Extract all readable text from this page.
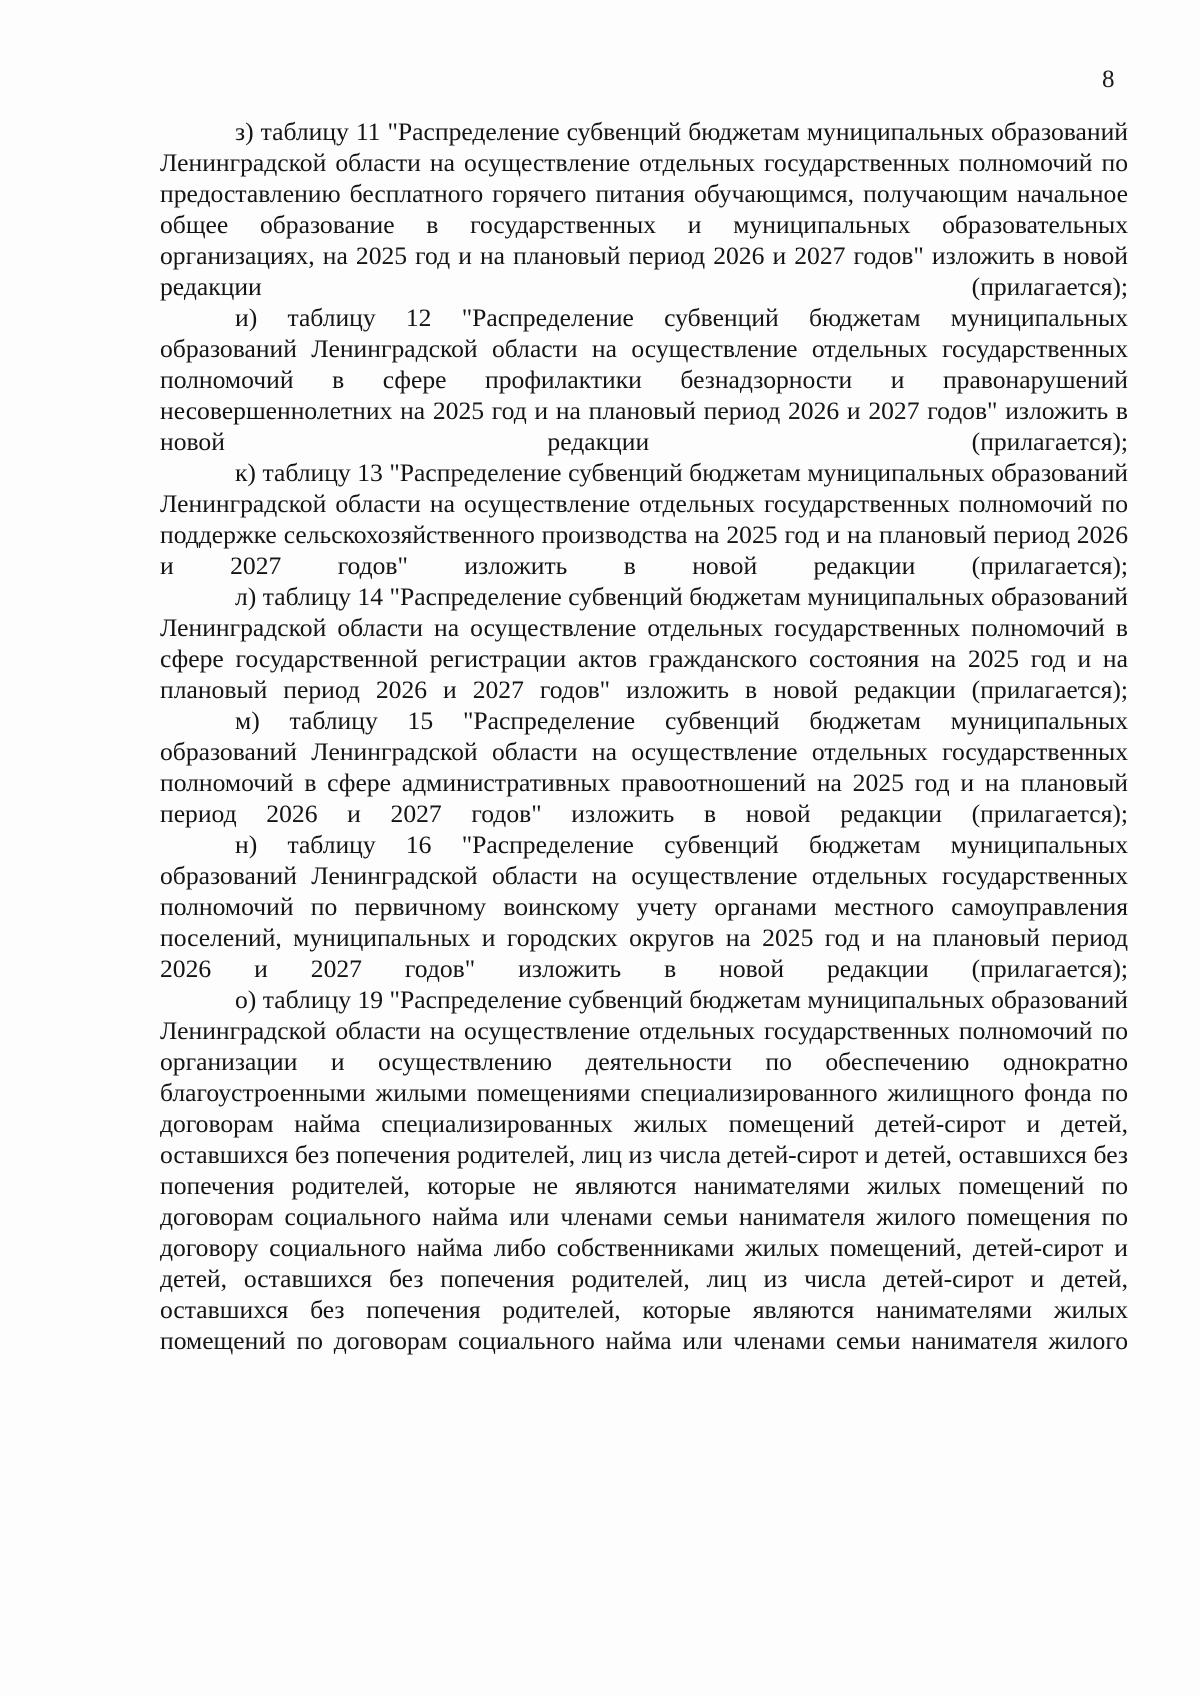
8

з) таблицу 11 "Распределение субвенций бюджетам муниципальных образований Ленинградской области на осуществление отдельных государственных полномочий по предоставлению бесплатного горячего питания обучающимся, получающим начальное общее образование в государственных и муниципальных образовательных организациях, на 2025 год и на плановый период 2026 и 2027 годов" изложить в новой редакции (прилагается);

и) таблицу 12 "Распределение субвенций бюджетам муниципальных образований Ленинградской области на осуществление отдельных государственных полномочий в сфере профилактики безнадзорности и правонарушений несовершеннолетних на 2025 год и на плановый период 2026 и 2027 годов" изложить в новой редакции (прилагается);

к) таблицу 13 "Распределение субвенций бюджетам муниципальных образований Ленинградской области на осуществление отдельных государственных полномочий по поддержке сельскохозяйственного производства на 2025 год и на плановый период 2026 и 2027 годов" изложить в новой редакции (прилагается);

л) таблицу 14 "Распределение субвенций бюджетам муниципальных образований Ленинградской области на осуществление отдельных государственных полномочий в сфере государственной регистрации актов гражданского состояния на 2025 год и на плановый период 2026 и 2027 годов" изложить в новой редакции (прилагается);

м) таблицу 15 "Распределение субвенций бюджетам муниципальных образований Ленинградской области на осуществление отдельных государственных полномочий в сфере административных правоотношений на 2025 год и на плановый период 2026 и 2027 годов" изложить в новой редакции (прилагается);

н) таблицу 16 "Распределение субвенций бюджетам муниципальных образований Ленинградской области на осуществление отдельных государственных полномочий по первичному воинскому учету органами местного самоуправления поселений, муниципальных и городских округов на 2025 год и на плановый период 2026 и 2027 годов" изложить в новой редакции (прилагается);

о) таблицу 19 "Распределение субвенций бюджетам муниципальных образований Ленинградской области на осуществление отдельных государственных полномочий по организации и осуществлению деятельности по обеспечению однократно благоустроенными жилыми помещениями специализированного жилищного фонда по договорам найма специализированных жилых помещений детей-сирот и детей, оставшихся без попечения родителей, лиц из числа детей-сирот и детей, оставшихся без попечения родителей, которые не являются нанимателями жилых помещений по договорам социального найма или членами семьи нанимателя жилого помещения по договору социального найма либо собственниками жилых помещений, детей-сирот и детей, оставшихся без попечения родителей, лиц из числа детей-сирот и детей, оставшихся без попечения родителей, которые являются нанимателями жилых помещений по договорам социального найма или членами семьи нанимателя жилого
